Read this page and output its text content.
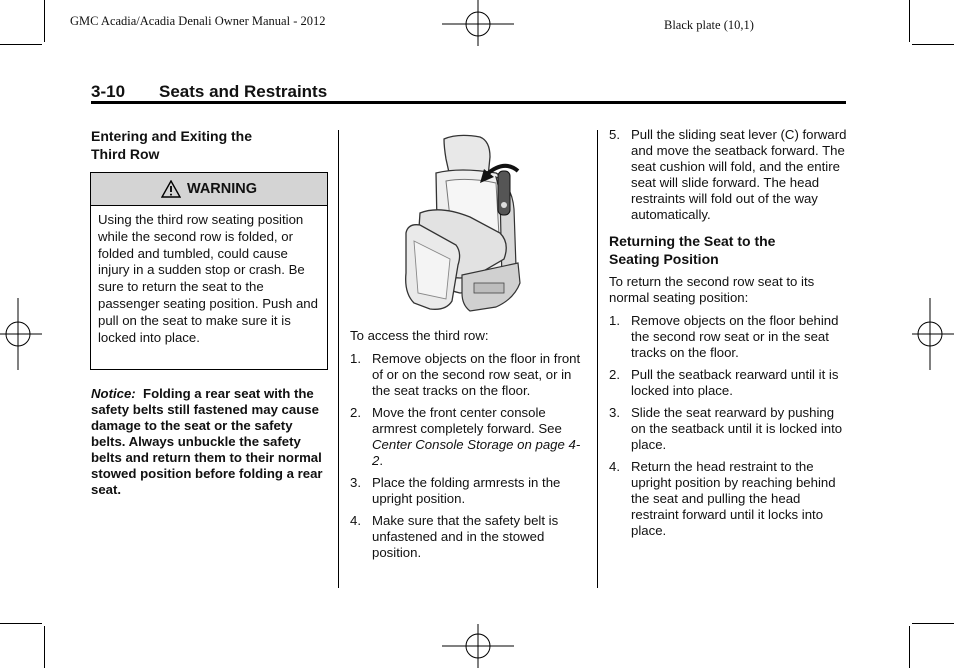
GMC Acadia/Acadia Denali Owner Manual - 2012	Black plate (10,1)
3-10 Seats and Restraints
Entering and Exiting the
Third Row
WARNING
Using the third row seating position while the second row is folded, or folded and tumbled, could cause injury in a sudden stop or crash. Be sure to return the seat to the passenger seating position. Push and pull on the seat to make sure it is locked into place.
Notice: Folding a rear seat with the safety belts still fastened may cause damage to the seat or the safety belts. Always unbuckle the safety belts and return them to their normal stowed position before folding a rear seat.
To access the third row:
1. Remove objects on the floor in front of or on the second row seat, or in the seat tracks on the floor.
2. Move the front center console armrest completely forward. See
Center Console Storage on page 4-2.
3. Place the folding armrests in the upright position.
4. Make sure that the safety belt is unfastened and in the stowed position.
5. Pull the sliding seat lever (C) forward and move the seatback forward. The seat cushion will fold, and the entire seat will slide forward. The head restraints will fold out of the way automatically.
Returning the Seat to the
Seating Position
To return the second row seat to its normal seating position:
1. Remove objects on the floor behind the second row seat or in the seat tracks on the floor.
2. Pull the seatback rearward until it is locked into place.
3. Slide the seat rearward by pushing on the seatback until it is locked into place.
4. Return the head restraint to the upright position by reaching behind the seat and pulling the head restraint forward until it locks into place.
